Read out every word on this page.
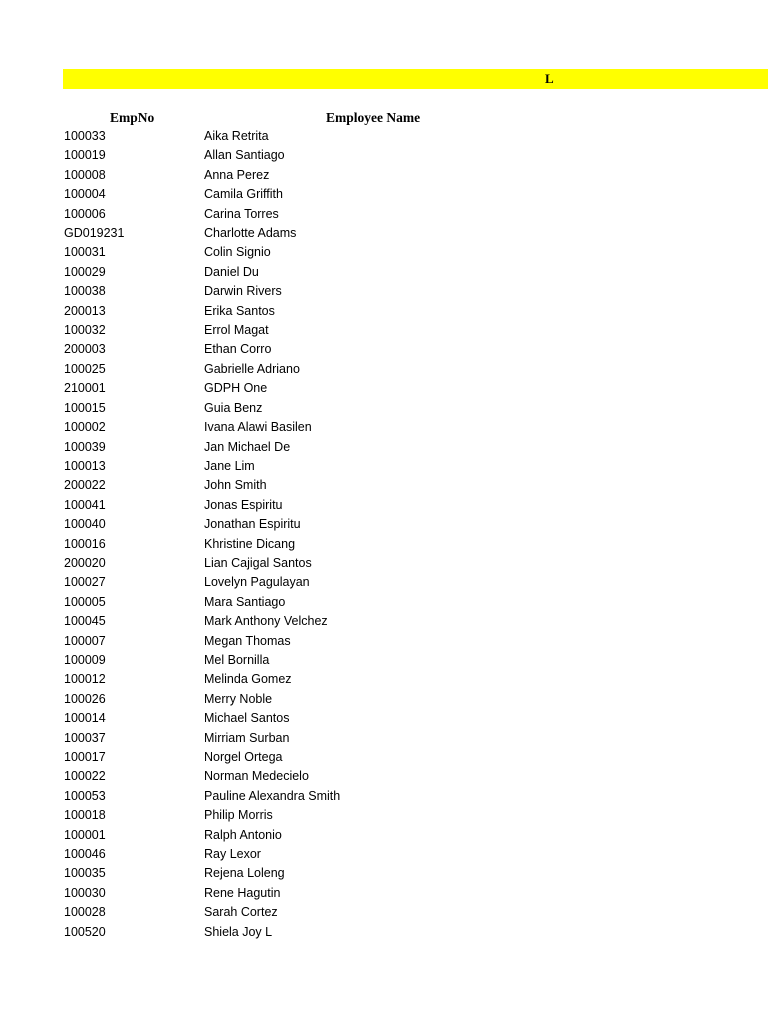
L
EmpNo	Employee Name
100033	Aika Retrita
100019	Allan Santiago
100008	Anna Perez
100004	Camila Griffith
100006	Carina Torres
GD019231	Charlotte Adams
100031	Colin Signio
100029	Daniel Du
100038	Darwin Rivers
200013	Erika Santos
100032	Errol Magat
200003	Ethan Corro
100025	Gabrielle Adriano
210001	GDPH One
100015	Guia Benz
100002	Ivana Alawi Basilen
100039	Jan Michael De
100013	Jane Lim
200022	John Smith
100041	Jonas Espiritu
100040	Jonathan Espiritu
100016	Khristine Dicang
200020	Lian Cajigal Santos
100027	Lovelyn Pagulayan
100005	Mara Santiago
100045	Mark Anthony Velchez
100007	Megan Thomas
100009	Mel Bornilla
100012	Melinda Gomez
100026	Merry Noble
100014	Michael Santos
100037	Mirriam Surban
100017	Norgel Ortega
100022	Norman Medecielo
100053	Pauline Alexandra Smith
100018	Philip Morris
100001	Ralph Antonio
100046	Ray Lexor
100035	Rejena Loleng
100030	Rene Hagutin
100028	Sarah Cortez
100520	Shiela Joy L
